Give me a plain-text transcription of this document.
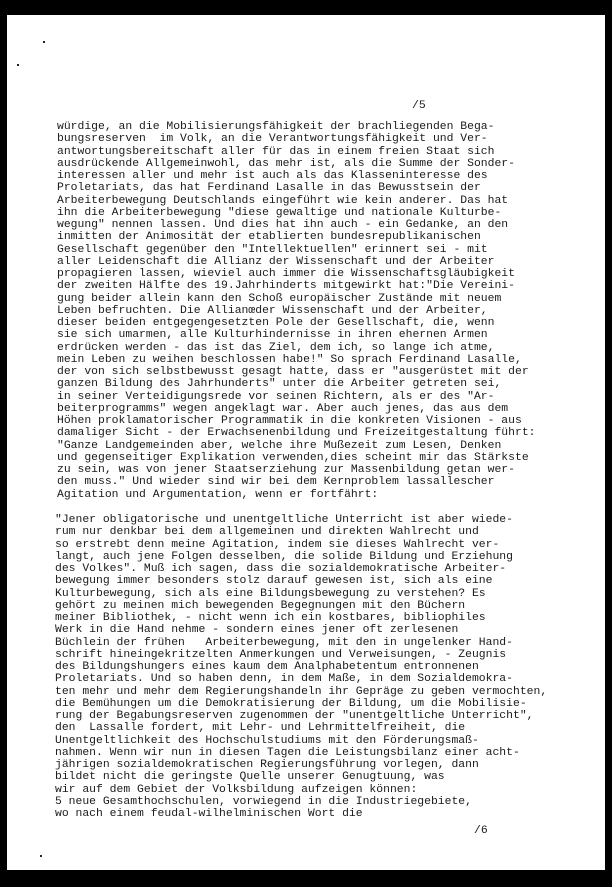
/5
würdige, an die Mobilisierungsfähigkeit der brachliegenden Bega-
bungsreserven  im Volk, an die Verantwortungsfähigkeit und Ver-
antwortungsbereitschaft aller für das in einem freien Staat sich
ausdrückende Allgemeinwohl, das mehr ist, als die Summe der Sonder-
interessen aller und mehr ist auch als das Klasseninteresse des
Proletariats, das hat Ferdinand Lasalle in das Bewusstsein der
Arbeiterbewegung Deutschlands eingeführt wie kein anderer. Das hat
ihn die Arbeiterbewegung "diese gewaltige und nationale Kulturbe-
wegung" nennen lassen. Und dies hat ihn auch - ein Gedanke, an den
inmitten der Animosität der etablierten bundesrepublikanischen
Gesellschaft gegenüber den "Intellektuellen" erinnert sei - mit
aller Leidenschaft die Allianz der Wissenschaft und der Arbeiter
propagieren lassen, wieviel auch immer die Wissenschaftsgläubigkeit
der zweiten Hälfte des 19.Jahrhinderts mitgewirkt hat:"Die Vereini-
gung beider allein kann den Schoß europäischer Zustände mit neuem
Leben befruchten. Die Allianœder Wissenschaft und der Arbeiter,
dieser beiden entgegengesetzten Pole der Gesellschaft, die, wenn
sie sich umarmen, alle Kulturhindernisse in ihren ehernen Armen
erdrücken werden - das ist das Ziel, dem ich, so lange ich atme,
mein Leben zu weihen beschlossen habe!" So sprach Ferdinand Lasalle,
der von sich selbstbewusst gesagt hatte, dass er "ausgerüstet mit der
ganzen Bildung des Jahrhunderts" unter die Arbeiter getreten sei,
in seiner Verteidigungsrede vor seinen Richtern, als er des "Ar-
beiterprogramms" wegen angeklagt war. Aber auch jenes, das aus dem
Höhen proklamatorischer Programmatik in die konkreten Visionen - aus
damaliger Sicht - der Erwachsenenbildung und Freizeitgestaltung führt:
"Ganze Landgemeinden aber, welche ihre Mußezeit zum Lesen, Denken
und gegenseitiger Explikation verwenden,dies scheint mir das Stärkste
zu sein, was von jener Staatserziehung zur Massenbildung getan wer-
den muss." Und wieder sind wir bei dem Kernproblem lassallescher
Agitation und Argumentation, wenn er fortfährt:
"Jener obligatorische und unentgeltliche Unterricht ist aber wiede-
rum nur denkbar bei dem allgemeinen und direkten Wahlrecht und
so erstrebt denn meine Agitation, indem sie dieses Wahlrecht ver-
langt, auch jene Folgen desselben, die solide Bildung und Erziehung
des Volkes". Muß ich sagen, dass die sozialdemokratische Arbeiter-
bewegung immer besonders stolz darauf gewesen ist, sich als eine
Kulturbewegung, sich als eine Bildungsbewegung zu verstehen? Es
gehört zu meinen mich bewegenden Begegnungen mit den Büchern
meiner Bibliothek, - nicht wenn ich ein kostbares, bibliophiles
Werk in die Hand nehme - sondern eines jener oft zerlesenen
Büchlein der frühen   Arbeiterbewegung, mit den in ungelenker Hand-
schrift hineingekritzelten Anmerkungen und Verweisungen, - Zeugnis
des Bildungshungers eines kaum dem Analphabetentum entronnenen
Proletariats. Und so haben denn, in dem Maße, in dem Sozialdemokra-
ten mehr und mehr dem Regierungshandeln ihr Gepräge zu geben vermochten,
die Bemühungen um die Demokratisierung der Bildung, um die Mobilisie-
rung der Begabungsreserven zugenommen der "unentgeltliche Unterricht",
den  Lassalle fordert, mit Lehr- und Lehrmittelfreiheit, die
Unentgeltlichkeit des Hochschulstudiums mit den Förderungsmaß-
nahmen. Wenn wir nun in diesen Tagen die Leistungsbilanz einer acht-
jährigen sozialdemokratischen Regierungsführung vorlegen, dann
bildet nicht die geringste Quelle unserer Genugtuung, was
wir auf dem Gebiet der Volksbildung aufzeigen können:
5 neue Gesamthochschulen, vorwiegend in die Industriegebiete,
wo nach einem feudal-wilhelminischen Wort die
/6
